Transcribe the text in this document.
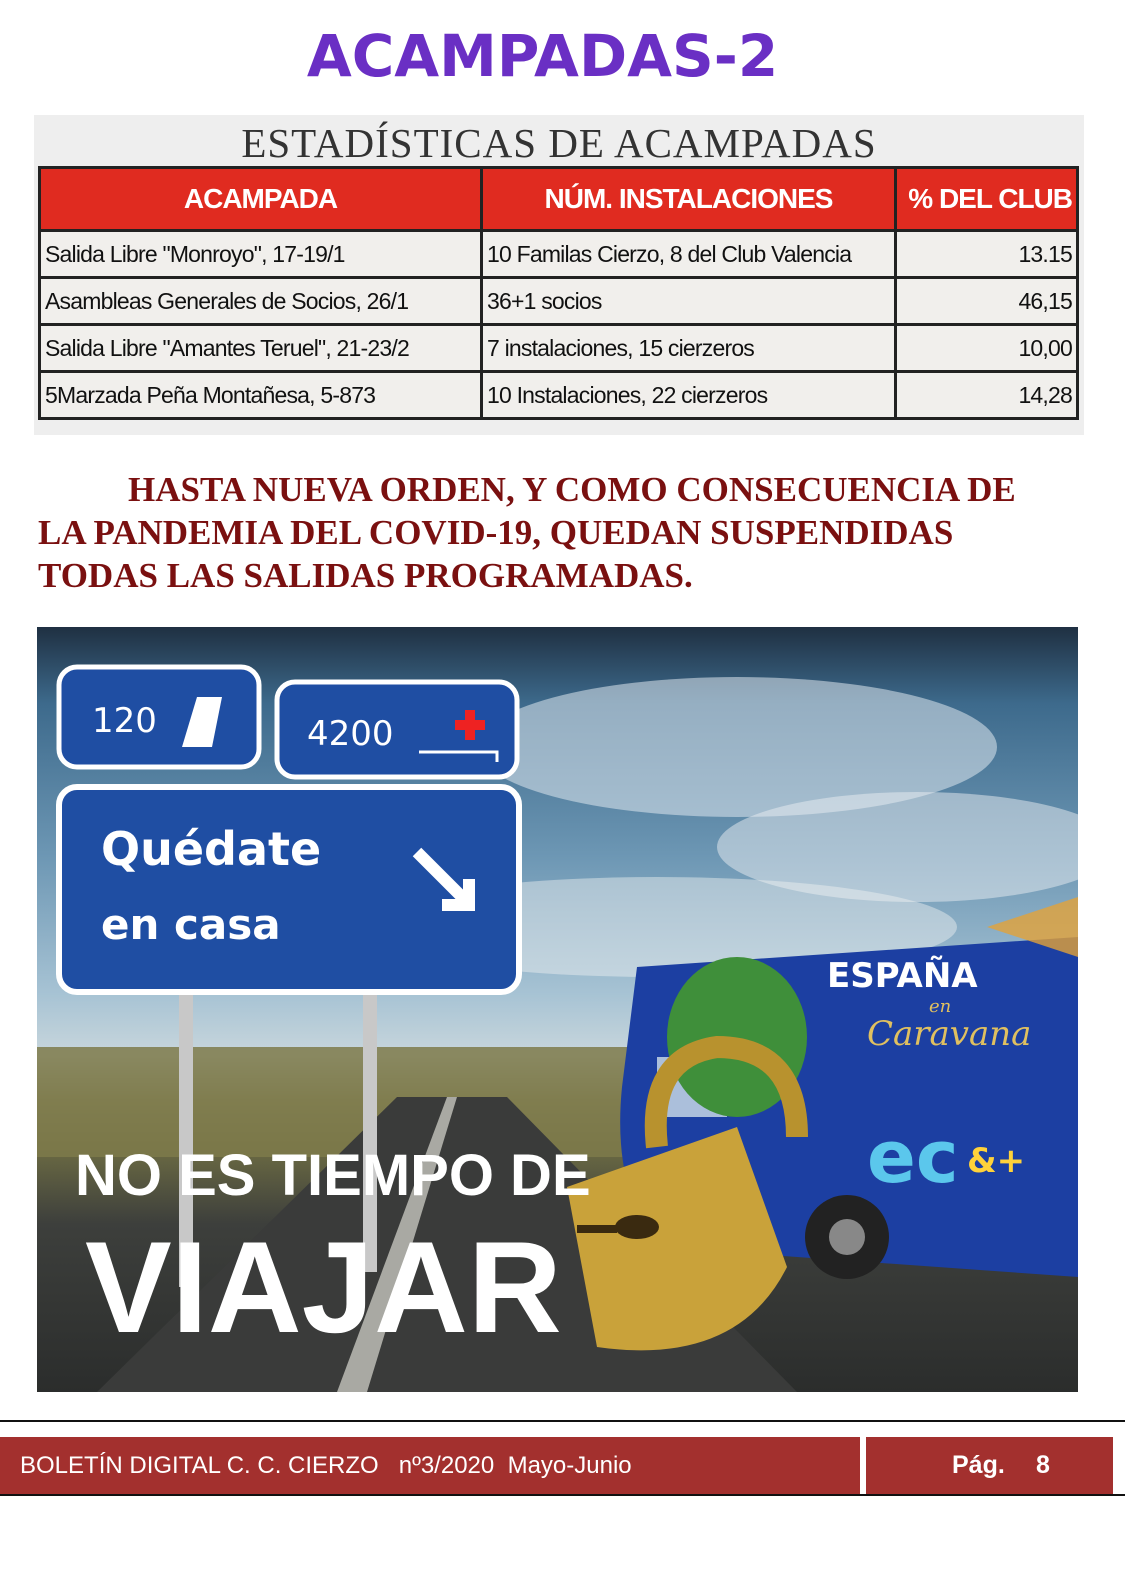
ACAMPADAS-2
ESTADÍSTICAS DE ACAMPADAS
ACAMPADA	NÚM. INSTALACIONES	% DEL CLUB
Salida Libre "Monroyo", 17-19/1	10 Familas Cierzo, 8 del Club Valencia	13.15
Asambleas Generales de Socios, 26/1	36+1 socios	46,15
Salida Libre "Amantes Teruel", 21-23/2	7 instalaciones, 15 cierzeros	10,00
5Marzada Peña Montañesa, 5-873	10 Instalaciones, 22 cierzeros	14,28
HASTA NUEVA ORDEN, Y COMO CONSECUENCIA DE LA PANDEMIA DEL COVID-19, QUEDAN SUSPENDIDAS TODAS LAS SALIDAS PROGRAMADAS.
120	4200
Quédate
en casa
ESPAÑA
en
Caravana
ec &+
NO ES TIEMPO DE
VIAJAR
BOLETÍN DIGITAL C. C. CIERZO   nº3/2020  Mayo-Junio	Pág. 8
